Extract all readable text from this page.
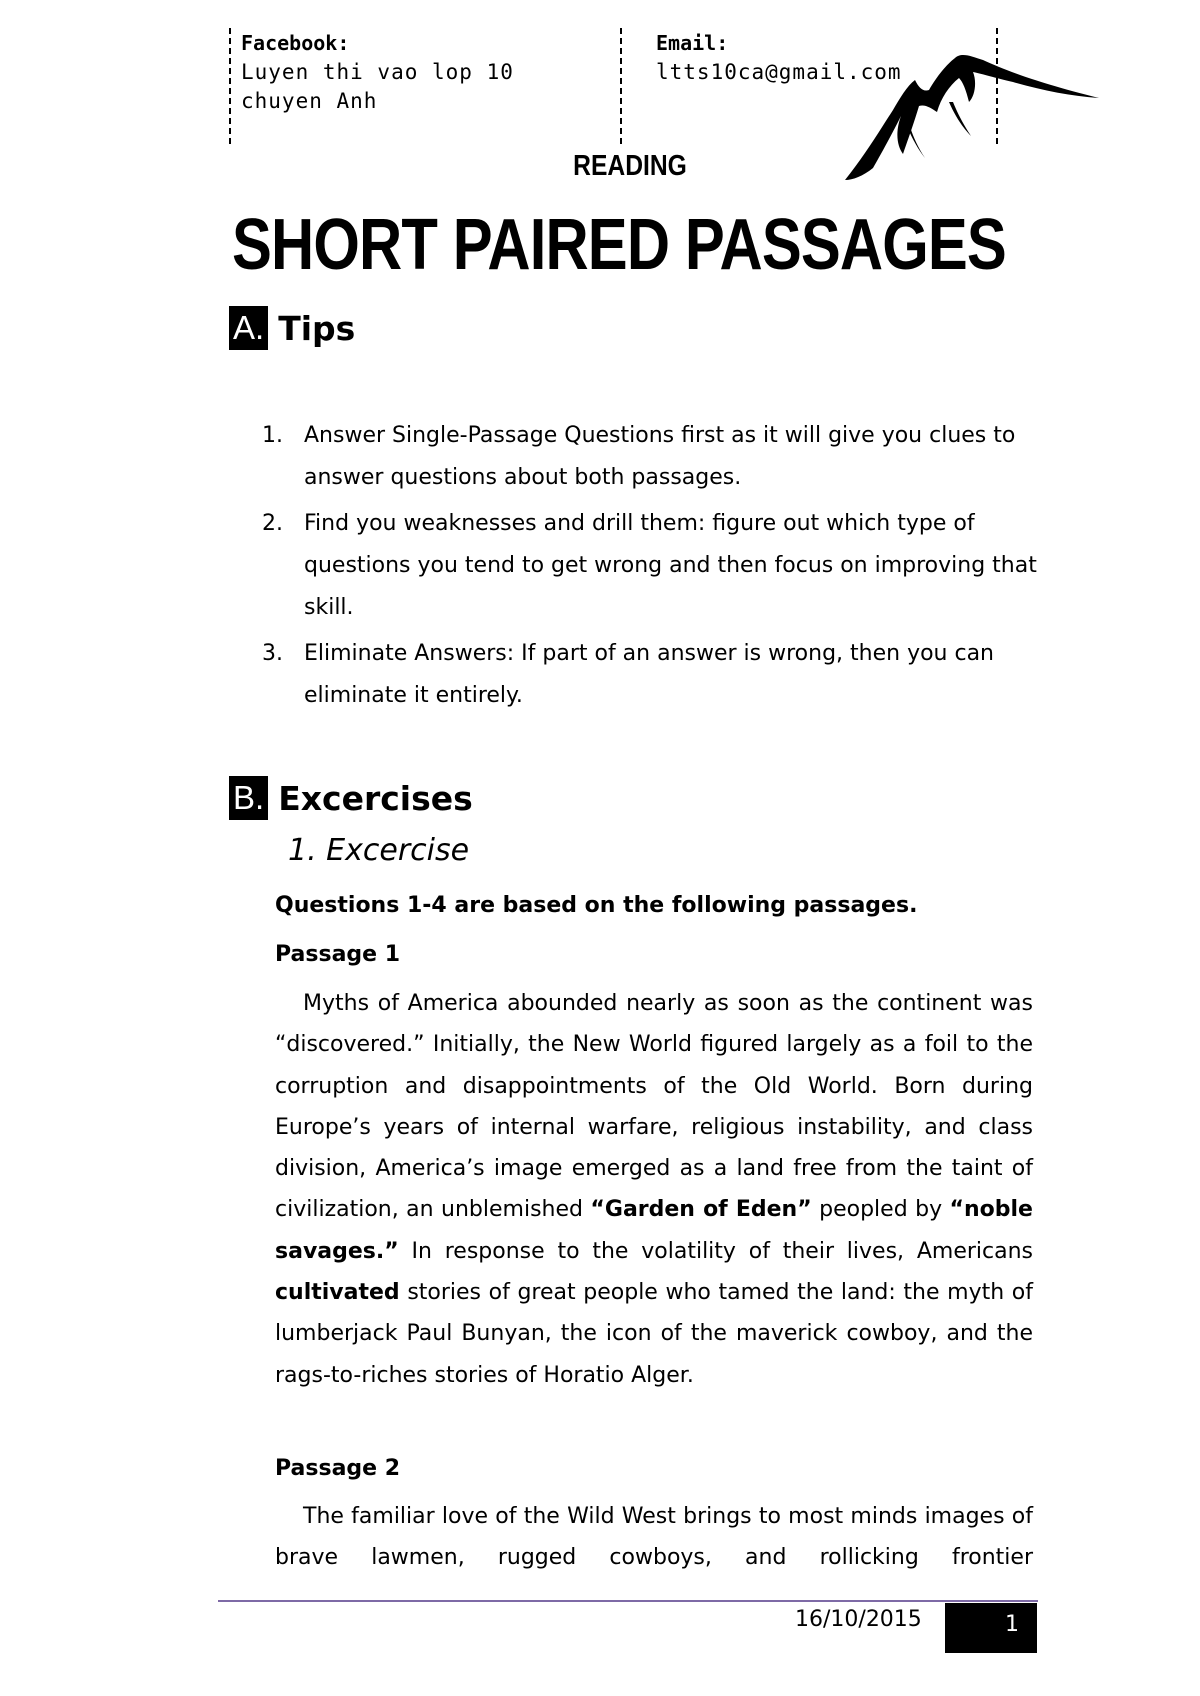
Facebook:
Luyen thi vao lop 10
chuyen Anh
Email:
ltts10ca@gmail.com
READING
SHORT PAIRED PASSAGES
A. Tips
1. Answer Single-Passage Questions first as it will give you clues to answer questions about both passages.
2. Find you weaknesses and drill them: figure out which type of questions you tend to get wrong and then focus on improving that skill.
3. Eliminate Answers: If part of an answer is wrong, then you can eliminate it entirely.
B. Excercises
1. Excercise
Questions 1-4 are based on the following passages.
Passage 1

Myths of America abounded nearly as soon as the continent was “discovered.” Initially, the New World figured largely as a foil to the corruption and disappointments of the Old World. Born during Europe’s years of internal warfare, religious instability, and class division, America’s image emerged as a land free from the taint of civilization, an unblemished “Garden of Eden” peopled by “noble savages.” In response to the volatility of their lives, Americans cultivated stories of great people who tamed the land: the myth of lumberjack Paul Bunyan, the icon of the maverick cowboy, and the rags-to-riches stories of Horatio Alger.

Passage 2

The familiar love of the Wild West brings to most minds images of brave lawmen, rugged cowboys, and rollicking frontier

16/10/2015	1
